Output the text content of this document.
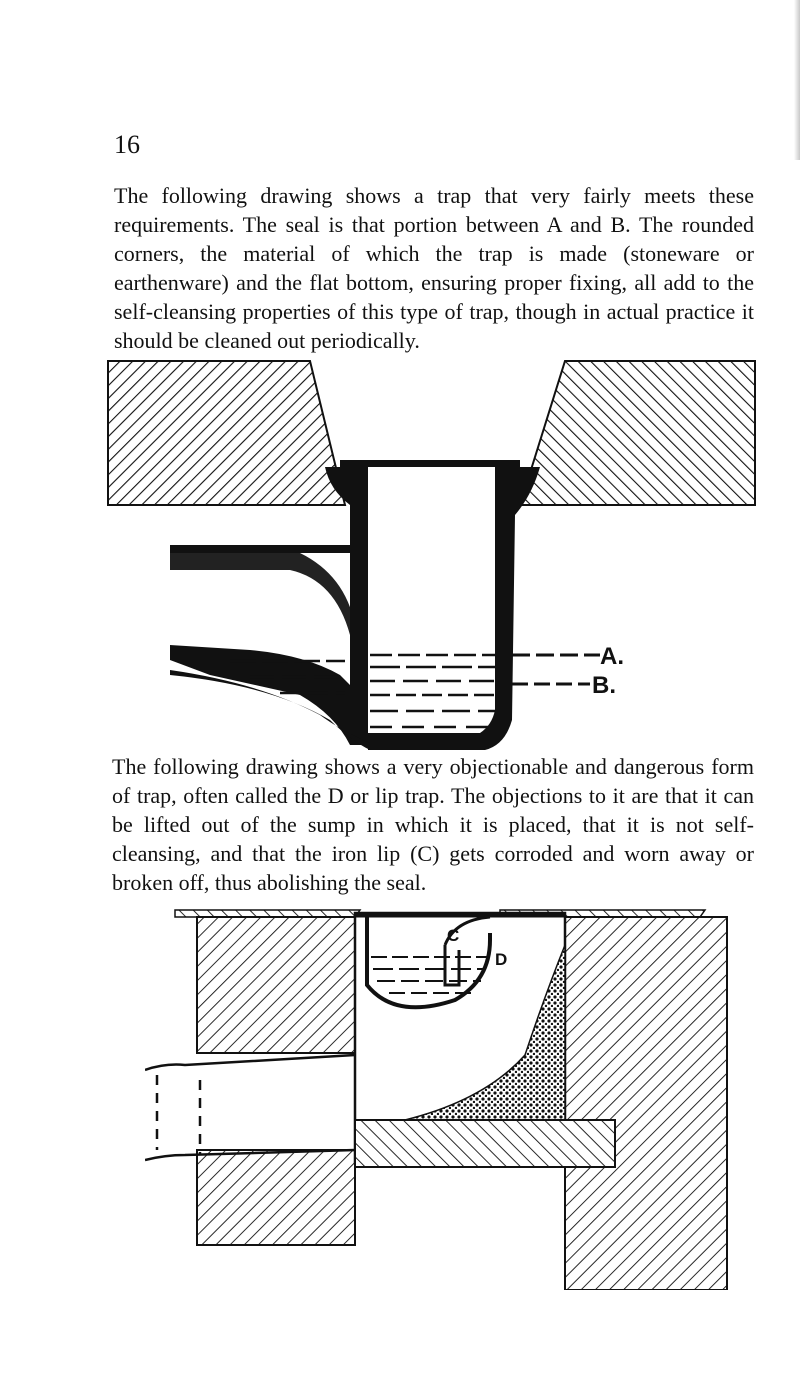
16

The following drawing shows a trap that very fairly meets these requirements. The seal is that portion between A and B. The rounded corners, the material of which the trap is made (stoneware or earthenware) and the flat bottom, ensuring proper fixing, all add to the self-cleansing properties of this type of trap, though in actual practice it should be cleaned out periodically.

A.
B.

The following drawing shows a very objectionable and dangerous form of trap, often called the D or lip trap. The objections to it are that it can be lifted out of the sump in which it is placed, that it is not self-cleansing, and that the iron lip (C) gets corroded and worn away or broken off, thus abolishing the seal.

C
D
